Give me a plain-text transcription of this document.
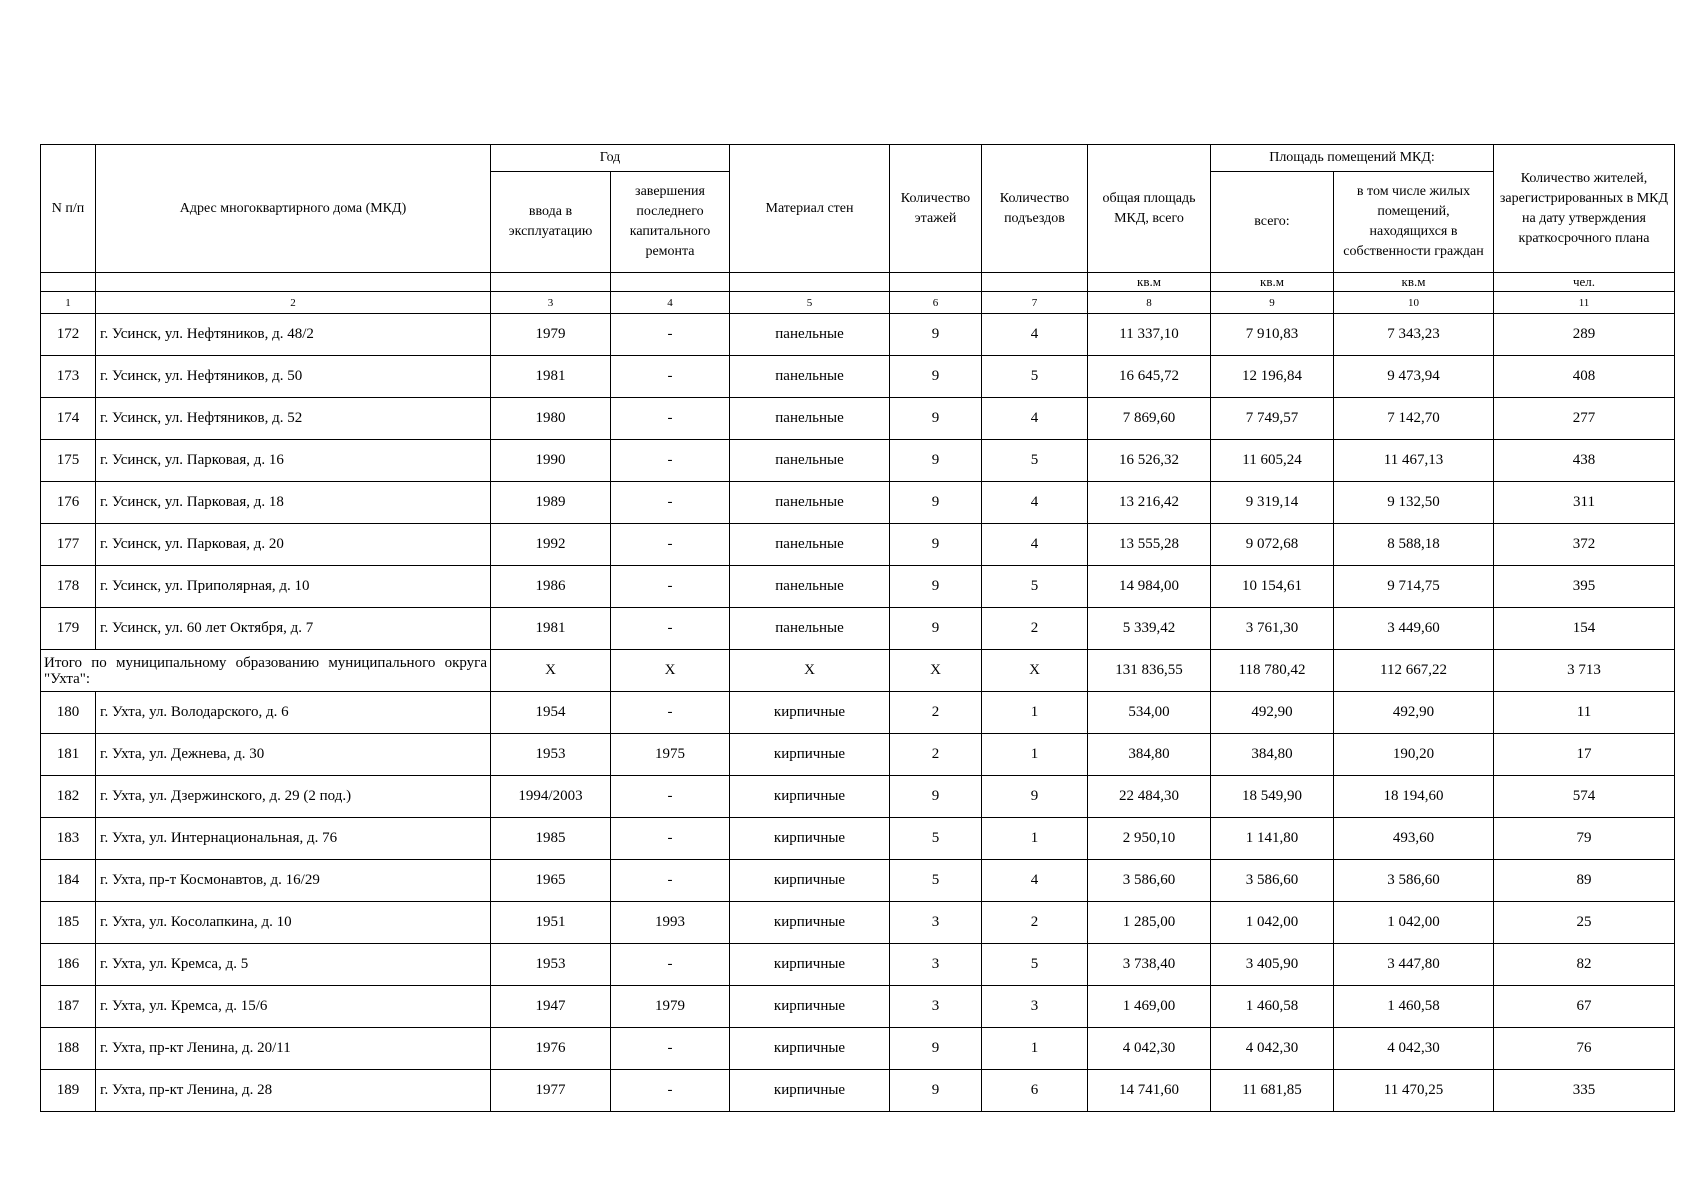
N п/п	Адрес многоквартирного дома (МКД)	Год		Материал стен	Количество этажей	Количество подъездов	общая площадь МКД, всего	Площадь помещений МКД:		Количество жителей, зарегистрированных в МКД на дату утверждения краткосрочного плана
		ввода в эксплуатацию	завершения последнего капитального ремонта					всего:	в том числе жилых помещений, находящихся в собственности граждан	
							кв.м	кв.м	кв.м	чел.
1	2	3	4	5	6	7	8	9	10	11
172	г. Усинск, ул. Нефтяников, д. 48/2	1979	-	панельные	9	4	11 337,10	7 910,83	7 343,23	289
173	г. Усинск, ул. Нефтяников, д. 50	1981	-	панельные	9	5	16 645,72	12 196,84	9 473,94	408
174	г. Усинск, ул. Нефтяников, д. 52	1980	-	панельные	9	4	7 869,60	7 749,57	7 142,70	277
175	г. Усинск, ул. Парковая, д. 16	1990	-	панельные	9	5	16 526,32	11 605,24	11 467,13	438
176	г. Усинск, ул. Парковая, д. 18	1989	-	панельные	9	4	13 216,42	9 319,14	9 132,50	311
177	г. Усинск, ул. Парковая, д. 20	1992	-	панельные	9	4	13 555,28	9 072,68	8 588,18	372
178	г. Усинск, ул. Приполярная, д. 10	1986	-	панельные	9	5	14 984,00	10 154,61	9 714,75	395
179	г. Усинск, ул. 60 лет Октября, д. 7	1981	-	панельные	9	2	5 339,42	3 761,30	3 449,60	154
Итого по муниципальному образованию муниципального округа "Ухта":		X	X	X	X	X	131 836,55	118 780,42	112 667,22	3 713
180	г. Ухта, ул. Володарского, д. 6	1954	-	кирпичные	2	1	534,00	492,90	492,90	11
181	г. Ухта, ул. Дежнева, д. 30	1953	1975	кирпичные	2	1	384,80	384,80	190,20	17
182	г. Ухта, ул. Дзержинского, д. 29 (2 под.)	1994/2003	-	кирпичные	9	9	22 484,30	18 549,90	18 194,60	574
183	г. Ухта, ул. Интернациональная, д. 76	1985	-	кирпичные	5	1	2 950,10	1 141,80	493,60	79
184	г. Ухта, пр-т Космонавтов, д. 16/29	1965	-	кирпичные	5	4	3 586,60	3 586,60	3 586,60	89
185	г. Ухта, ул. Косолапкина, д. 10	1951	1993	кирпичные	3	2	1 285,00	1 042,00	1 042,00	25
186	г. Ухта, ул. Кремса, д. 5	1953	-	кирпичные	3	5	3 738,40	3 405,90	3 447,80	82
187	г. Ухта, ул. Кремса, д. 15/6	1947	1979	кирпичные	3	3	1 469,00	1 460,58	1 460,58	67
188	г. Ухта, пр-кт Ленина, д. 20/11	1976	-	кирпичные	9	1	4 042,30	4 042,30	4 042,30	76
189	г. Ухта, пр-кт Ленина, д. 28	1977	-	кирпичные	9	6	14 741,60	11 681,85	11 470,25	335
